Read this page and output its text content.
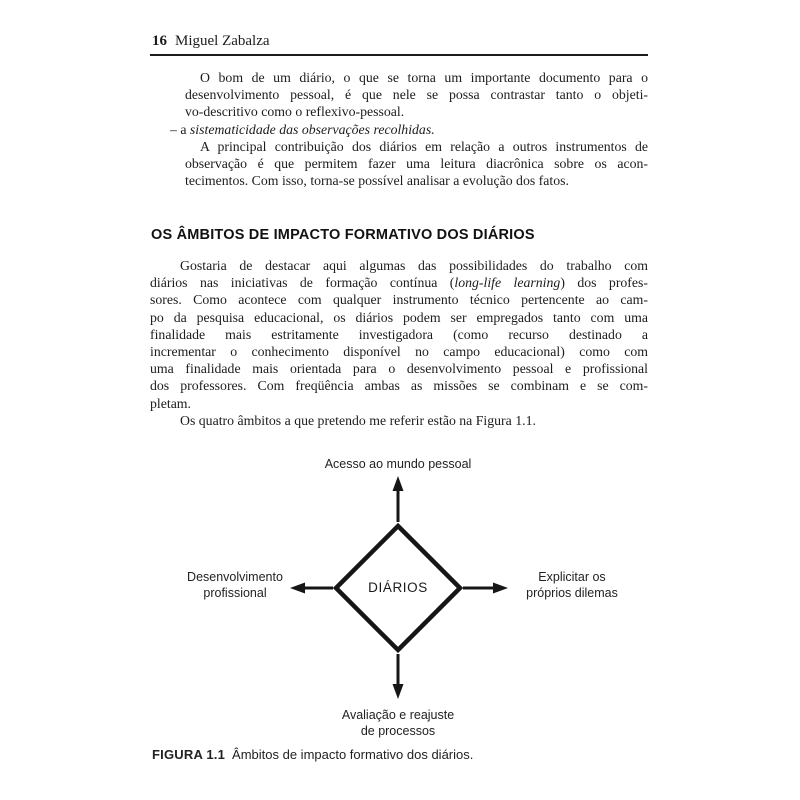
16 Miguel Zabalza
O bom de um diário, o que se torna um importante documento para o
desenvolvimento pessoal, é que nele se possa contrastar tanto o objeti-
vo-descritivo como o reflexivo-pessoal.
– a sistematicidade das observações recolhidas.
A principal contribuição dos diários em relação a outros instrumentos de
observação é que permitem fazer uma leitura diacrônica sobre os acon-
tecimentos. Com isso, torna-se possível analisar a evolução dos fatos.
OS ÂMBITOS DE IMPACTO FORMATIVO DOS DIÁRIOS
Gostaria de destacar aqui algumas das possibilidades do trabalho com
diários nas iniciativas de formação contínua (long-life learning) dos profes-
sores. Como acontece com qualquer instrumento técnico pertencente ao cam-
po da pesquisa educacional, os diários podem ser empregados tanto com uma
finalidade mais estritamente investigadora (como recurso destinado a
incrementar o conhecimento disponível no campo educacional) como com
uma finalidade mais orientada para o desenvolvimento pessoal e profissional
dos professores. Com freqüência ambas as missões se combinam e se com-
pletam.
Os quatro âmbitos a que pretendo me referir estão na Figura 1.1.
Acesso ao mundo pessoal
Desenvolvimento
profissional
Explicitar os
próprios dilemas
Avaliação e reajuste
de processos
DIÁRIOS
FIGURA 1.1 Âmbitos de impacto formativo dos diários.
